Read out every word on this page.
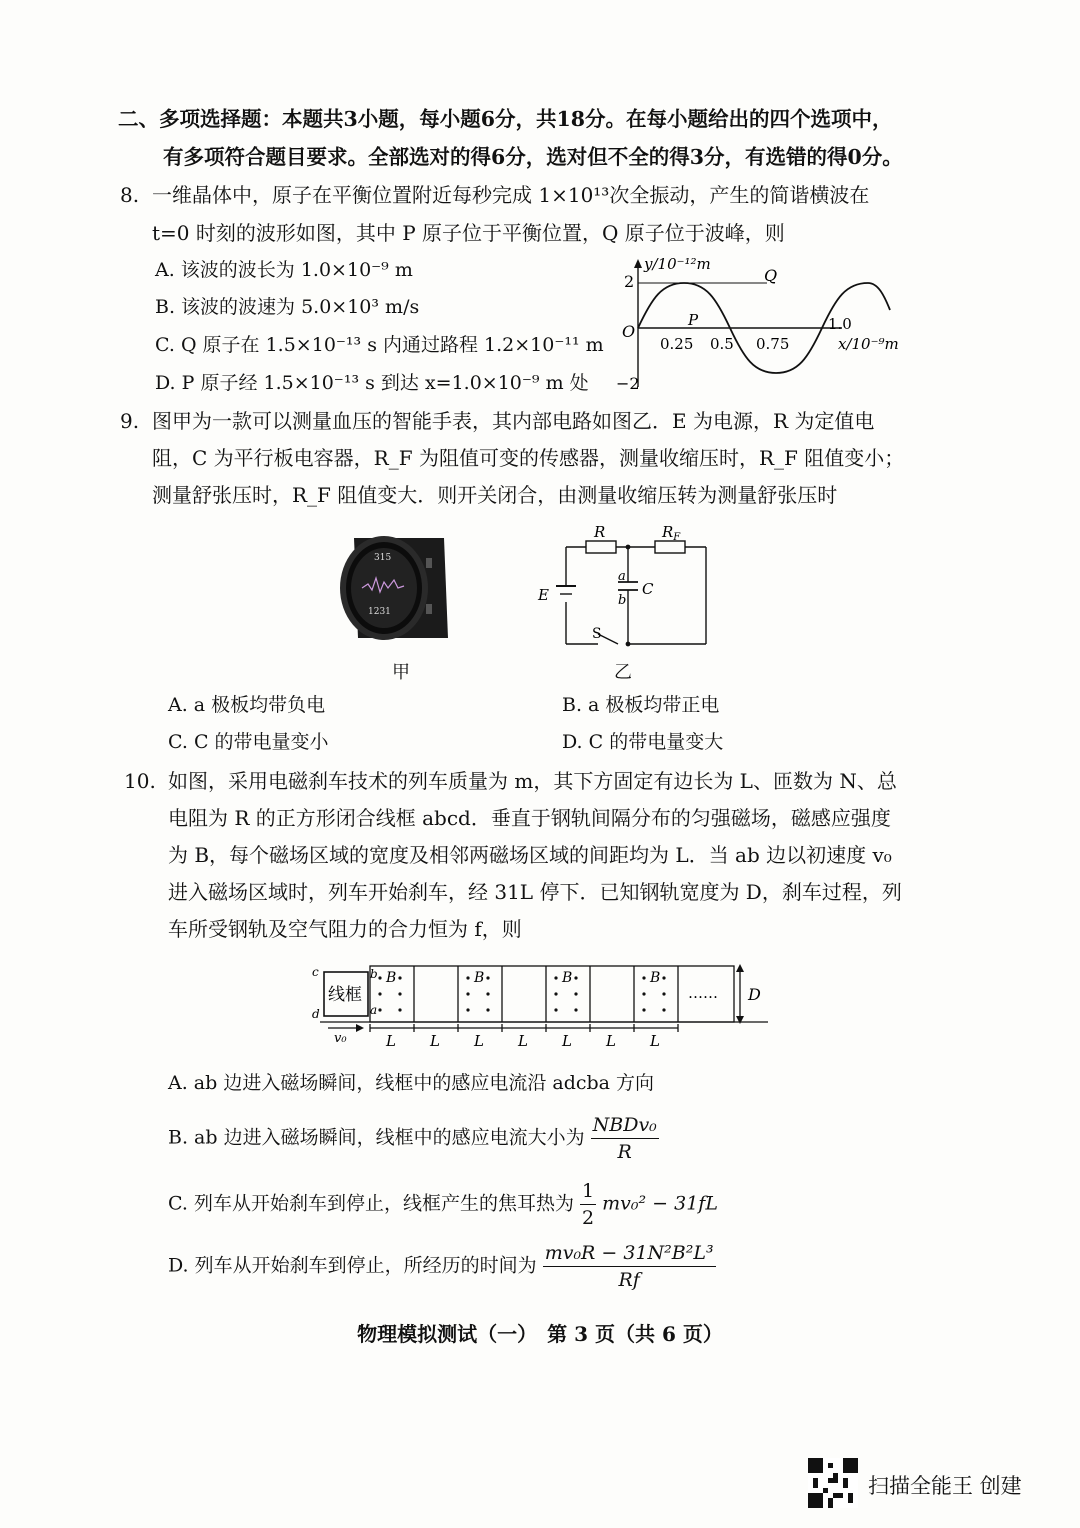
二、多项选择题：本题共3小题，每小题6分，共18分。在每小题给出的四个选项中，
有多项符合题目要求。全部选对的得6分，选对但不全的得3分，有选错的得0分。
8. 一维晶体中，原子在平衡位置附近每秒完成 1×10¹³次全振动，产生的简谐横波在
t=0 时刻的波形如图，其中 P 原子位于平衡位置，Q 原子位于波峰，则
A. 该波的波长为 1.0×10⁻⁹ m
B. 该波的波速为 5.0×10³ m/s
C. Q 原子在 1.5×10⁻¹³ s 内通过路程 1.2×10⁻¹¹ m
D. P 原子经 1.5×10⁻¹³ s 到达 x=1.0×10⁻⁹ m 处
y/10⁻¹²m
2
O
−2
0.25 0.5 0.75
1.0
x/10⁻⁹m
P
Q
9. 图甲为一款可以测量血压的智能手表，其内部电路如图乙．E 为电源，R 为定值电
阻，C 为平行板电容器，R_F 为阻值可变的传感器，测量收缩压时，R_F 阻值变小；
测量舒张压时，R_F 阻值变大．则开关闭合，由测量收缩压转为测量舒张压时
315
1231
甲
R	$R_F$
E
a
b
C
S
乙
A. a 极板均带负电	B. a 极板均带正电
C. C 的带电量变小	D. C 的带电量变大
10. 如图，采用电磁刹车技术的列车质量为 m，其下方固定有边长为 L、匝数为 N、总
电阻为 R 的正方形闭合线框 abcd．垂直于钢轨间隔分布的匀强磁场，磁感应强度
为 B，每个磁场区域的宽度及相邻两磁场区域的间距均为 L．当 ab 边以初速度 v₀
进入磁场区域时，列车开始刹车，经 31L 停下．已知钢轨宽度为 D，刹车过程，列
车所受钢轨及空气阻力的合力恒为 f，则
线框
c	b
d	a
B	B	B	B
…… D
v₀	L L L L L L L
A. ab 边进入磁场瞬间，线框中的感应电流沿 adcba 方向
B. ab 边进入磁场瞬间，线框中的感应电流大小为 $\frac{\text{NBDv₀}}{R}$
C. 列车从开始刹车到停止，线框产生的焦耳热为 $\frac{1}{2} mv_0^2 - 31fL$
D. 列车从开始刹车到停止，所经历的时间为 $\frac{\text{mv₀R − 31N²B²L³}}{Rf}$
物理模拟测试（一）　第 3 页（共 6 页）
扫描全能王 创建
